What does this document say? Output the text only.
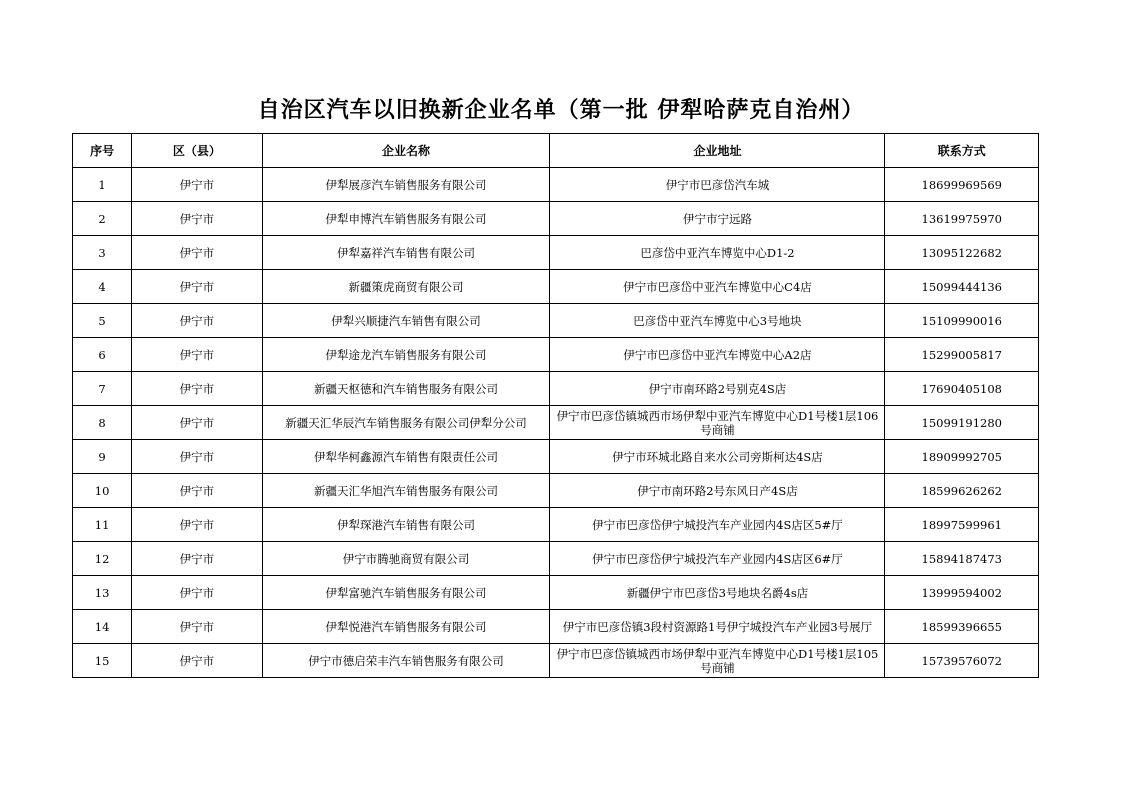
自治区汽车以旧换新企业名单（第一批 伊犁哈萨克自治州）
序号	区（县）	企业名称	企业地址	联系方式
1	伊宁市	伊犁展彦汽车销售服务有限公司	伊宁市巴彦岱汽车城	18699969569
2	伊宁市	伊犁申博汽车销售服务有限公司	伊宁市宁远路	13619975970
3	伊宁市	伊犁嘉祥汽车销售有限公司	巴彦岱中亚汽车博览中心D1-2	13095122682
4	伊宁市	新疆策虎商贸有限公司	伊宁市巴彦岱中亚汽车博览中心C4店	15099444136
5	伊宁市	伊犁兴顺捷汽车销售有限公司	巴彦岱中亚汽车博览中心3号地块	15109990016
6	伊宁市	伊犁途龙汽车销售服务有限公司	伊宁市巴彦岱中亚汽车博览中心A2店	15299005817
7	伊宁市	新疆天枢德和汽车销售服务有限公司	伊宁市南环路2号别克4S店	17690405108
8	伊宁市	新疆天汇华辰汽车销售服务有限公司伊犁分公司	伊宁市巴彦岱镇城西市场伊犁中亚汽车博览中心D1号楼1层106号商铺	15099191280
9	伊宁市	伊犁华柯鑫源汽车销售有限责任公司	伊宁市环城北路自来水公司旁斯柯达4S店	18909992705
10	伊宁市	新疆天汇华旭汽车销售服务有限公司	伊宁市南环路2号东风日产4S店	18599626262
11	伊宁市	伊犁琛港汽车销售有限公司	伊宁市巴彦岱伊宁城投汽车产业园内4S店区5#厅	18997599961
12	伊宁市	伊宁市腾驰商贸有限公司	伊宁市巴彦岱伊宁城投汽车产业园内4S店区6#厅	15894187473
13	伊宁市	伊犁富驰汽车销售服务有限公司	新疆伊宁市巴彦岱3号地块名爵4s店	13999594002
14	伊宁市	伊犁悦港汽车销售服务有限公司	伊宁市巴彦岱镇3段村资源路1号伊宁城投汽车产业园3号展厅	18599396655
15	伊宁市	伊宁市德启荣丰汽车销售服务有限公司	伊宁市巴彦岱镇城西市场伊犁中亚汽车博览中心D1号楼1层105号商铺	15739576072
